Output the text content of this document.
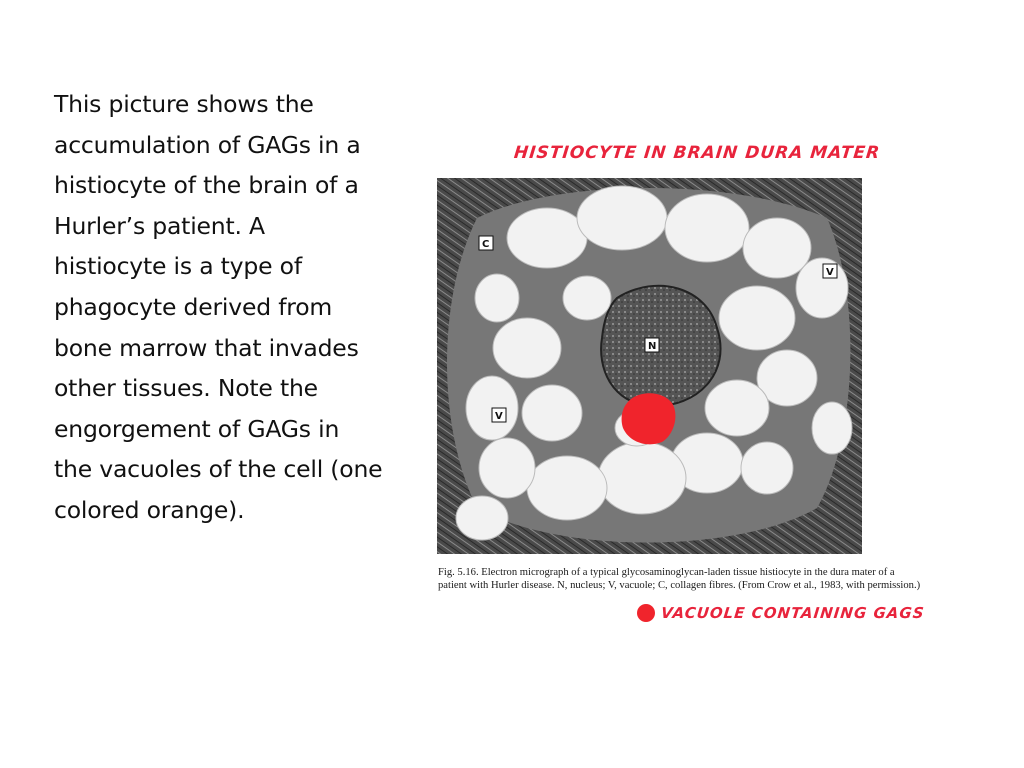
This picture shows the accumulation of GAGs in a histiocyte of the brain of a Hurler’s patient. A histiocyte is a type of phagocyte derived from bone marrow that invades other tissues. Note the engorgement of GAGs in the vacuoles of the cell (one colored orange).

HISTIOCYTE IN BRAIN DURA MATER
C
V
N
V

Fig. 5.16. Electron micrograph of a typical glycosaminoglycan-laden tissue histiocyte in the dura mater of a patient with Hurler disease. N, nucleus; V, vacuole; C, collagen fibres. (From Crow et al., 1983, with permission.)

VACUOLE CONTAINING GAGS
